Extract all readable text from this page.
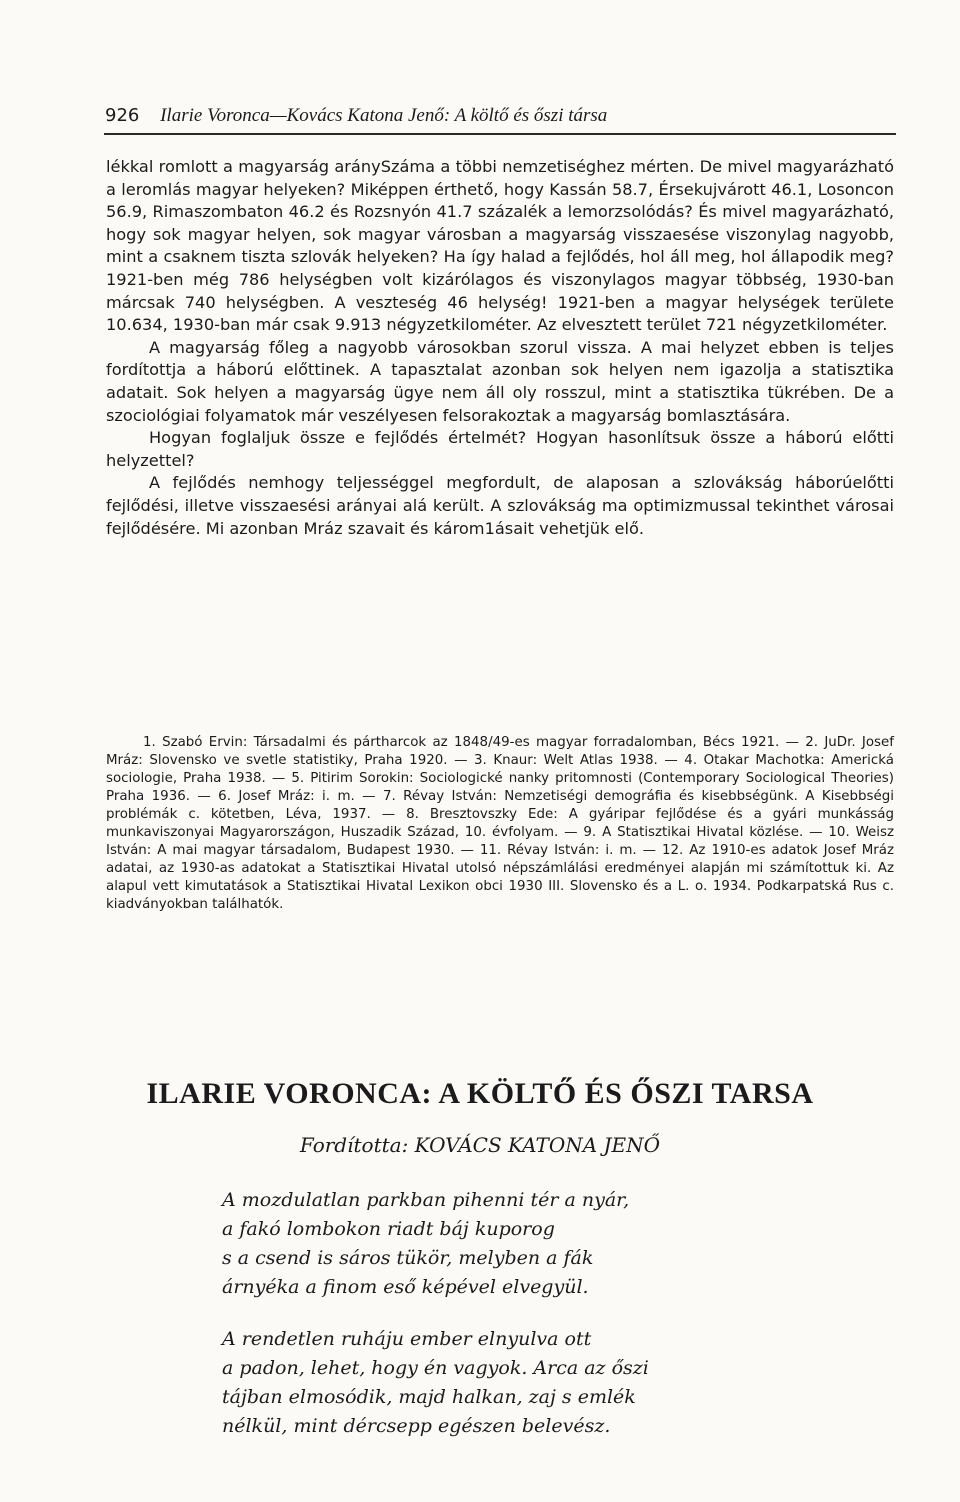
926 Ilarie Voronca—Kovács Katona Jenő: A költő és őszi társa

lékkal romlott a magyarság aránySzáma a többi nemzetiséghez mérten. De mivel magyarázható a leromlás magyar helyeken? Miképpen érthető, hogy Kassán 58.7, Érsekujvárott 46.1, Losoncon 56.9, Rimaszombaton 46.2 és Rozsnyón 41.7 százalék a lemorzsolódás? És mivel magyarázható, hogy sok magyar helyen, sok magyar városban a magyarság visszaesése viszonylag nagyobb, mint a csaknem tiszta szlovák helyeken? Ha így halad a fejlődés, hol áll meg, hol állapodik meg? 1921-ben még 786 helységben volt kizárólagos és viszonylagos magyar többség, 1930-ban márcsak 740 helységben. A veszteség 46 helység! 1921-ben a magyar helységek területe 10.634, 1930-ban már csak 9.913 négyzetkilométer. Az elvesztett terület 721 négyzetkilométer.

A magyarság főleg a nagyobb városokban szorul vissza. A mai helyzet ebben is teljes fordítottja a háború előttinek. A tapasztalat azonban sok helyen nem igazolja a statisztika adatait. Sok helyen a magyarság ügye nem áll oly rosszul, mint a statisztika tükrében. De a szociológiai folyamatok már veszélyesen felsorakoztak a magyarság bomlasztására.

Hogyan foglaljuk össze e fejlődés értelmét? Hogyan hasonlítsuk össze a háború előtti helyzettel?

A fejlődés nemhogy teljességgel megfordult, de alaposan a szlovákság háborúelőtti fejlődési, illetve visszaesési arányai alá került. A szlovákság ma optimizmussal tekinthet városai fejlődésére. Mi azonban Mráz szavait és károm1ásait vehetjük elő.

1. Szabó Ervin: Társadalmi és pártharcok az 1848/49-es magyar forradalomban, Bécs 1921. — 2. JuDr. Josef Mráz: Slovensko ve svetle statistiky, Praha 1920. — 3. Knaur: Welt Atlas 1938. — 4. Otakar Machotka: Americká sociologie, Praha 1938. — 5. Pitirim Sorokin: Sociologické nanky pritomnosti (Contemporary Sociological Theories) Praha 1936. — 6. Josef Mráz: i. m. — 7. Révay István: Nemzetiségi demográfia és kisebbségünk. A Kisebbségi problémák c. kötetben, Léva, 1937. — 8. Bresztovszky Ede: A gyáripar fejlődése és a gyári munkásság munkaviszonyai Magyarországon, Huszadik Század, 10. évfolyam. — 9. A Statisztikai Hivatal közlése. — 10. Weisz István: A mai magyar társadalom, Budapest 1930. — 11. Révay István: i. m. — 12. Az 1910-es adatok Josef Mráz adatai, az 1930-as adatokat a Statisztikai Hivatal utolsó népszámlálási eredményei alapján mi számítottuk ki. Az alapul vett kimutatások a Statisztikai Hivatal Lexikon obci 1930 III. Slovensko és a L. o. 1934. Podkarpatská Rus c. kiadványokban találhatók.

ILARIE VORONCA: A KÖLTŐ ÉS ŐSZI TARSA
Fordította: KOVÁCS KATONA JENŐ
A mozdulatlan parkban pihenni tér a nyár,
a fakó lombokon riadt báj kuporog
s a csend is sáros tükör, melyben a fák
árnyéka a finom eső képével elvegyül.
A rendetlen ruháju ember elnyulva ott
a padon, lehet, hogy én vagyok. Arca az őszi
tájban elmosódik, majd halkan, zaj s emlék
nélkül, mint dércsepp egészen belevész.
